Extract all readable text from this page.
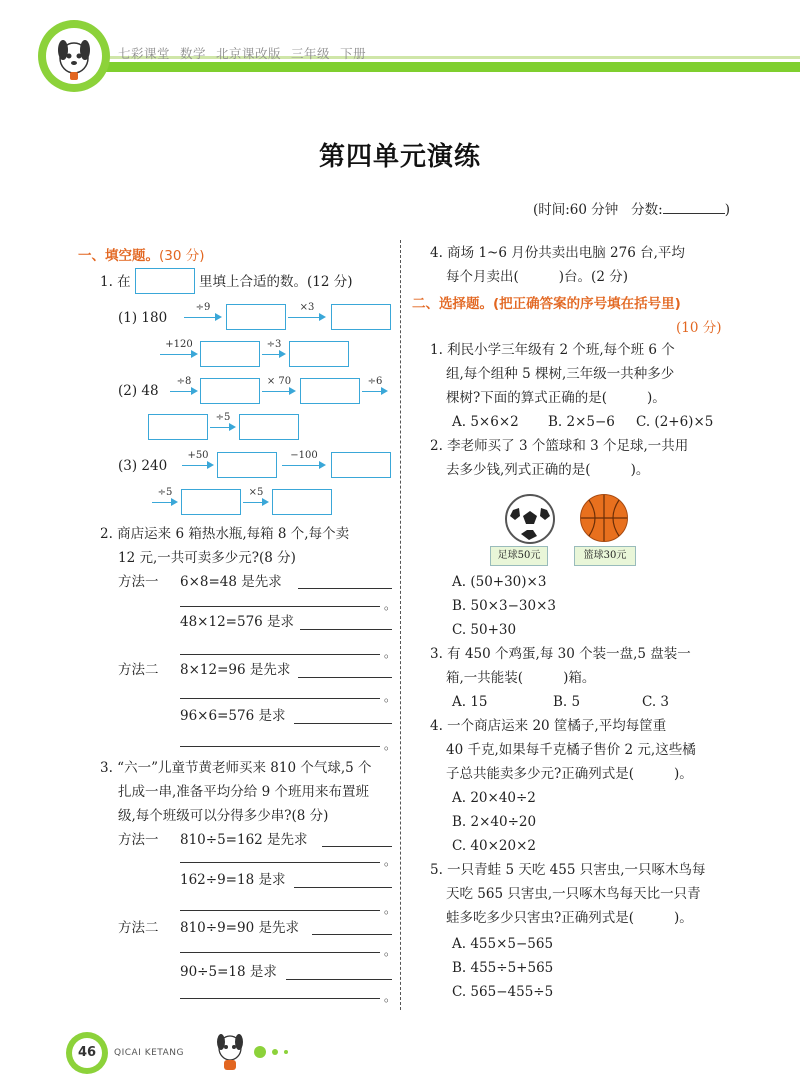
七彩课堂 数学 北京课改版 三年级 下册
第四单元演练
(时间:60 分钟 分数:	)
一、填空题。(30 分)
1. 在	里填上合适的数。(12 分)
(1) 180
÷9	×3
+120	÷3
(2) 48
÷8	× 70	÷6
÷5
(3) 240
+50	−100
÷5	×5
2. 商店运来 6 箱热水瓶,每箱 8 个,每个卖
12 元,一共可卖多少元?(8 分)
方法一 6×8=48 是先求
。
48×12=576 是求
。
方法二 8×12=96 是先求
。
96×6=576 是求
。
3. “六一”儿童节黄老师买来 810 个气球,5 个
扎成一串,准备平均分给 9 个班用来布置班
级,每个班级可以分得多少串?(8 分)
方法一 810÷5=162 是先求
。
162÷9=18 是求
。
方法二 810÷9=90 是先求
。
90÷5=18 是求
。
4. 商场 1~6 月份共卖出电脑 276 台,平均
每个月卖出(	)台。(2 分)
二、选择题。(把正确答案的序号填在括号里)
(10 分)
1. 利民小学三年级有 2 个班,每个班 6 个
组,每个组种 5 棵树,三年级一共种多少
棵树?下面的算式正确的是(	)。
A. 5×6×2 B. 2×5−6 C. (2+6)×5
2. 李老师买了 3 个篮球和 3 个足球,一共用
去多少钱,列式正确的是(	)。
足球50元	篮球30元
A. (50+30)×3
B. 50×3−30×3
C. 50+30
3. 有 450 个鸡蛋,每 30 个装一盘,5 盘装一
箱,一共能装(	)箱。
A. 15	B. 5	C. 3
4. 一个商店运来 20 筐橘子,平均每筐重
40 千克,如果每千克橘子售价 2 元,这些橘
子总共能卖多少元?正确列式是(	)。
A. 20×40÷2
B. 2×40÷20
C. 40×20×2
5. 一只青蛙 5 天吃 455 只害虫,一只啄木鸟每
天吃 565 只害虫,一只啄木鸟每天比一只青
蛙多吃多少只害虫?正确列式是(	)。
A. 455×5−565
B. 455÷5+565
C. 565−455÷5
46	QICAI KETANG
